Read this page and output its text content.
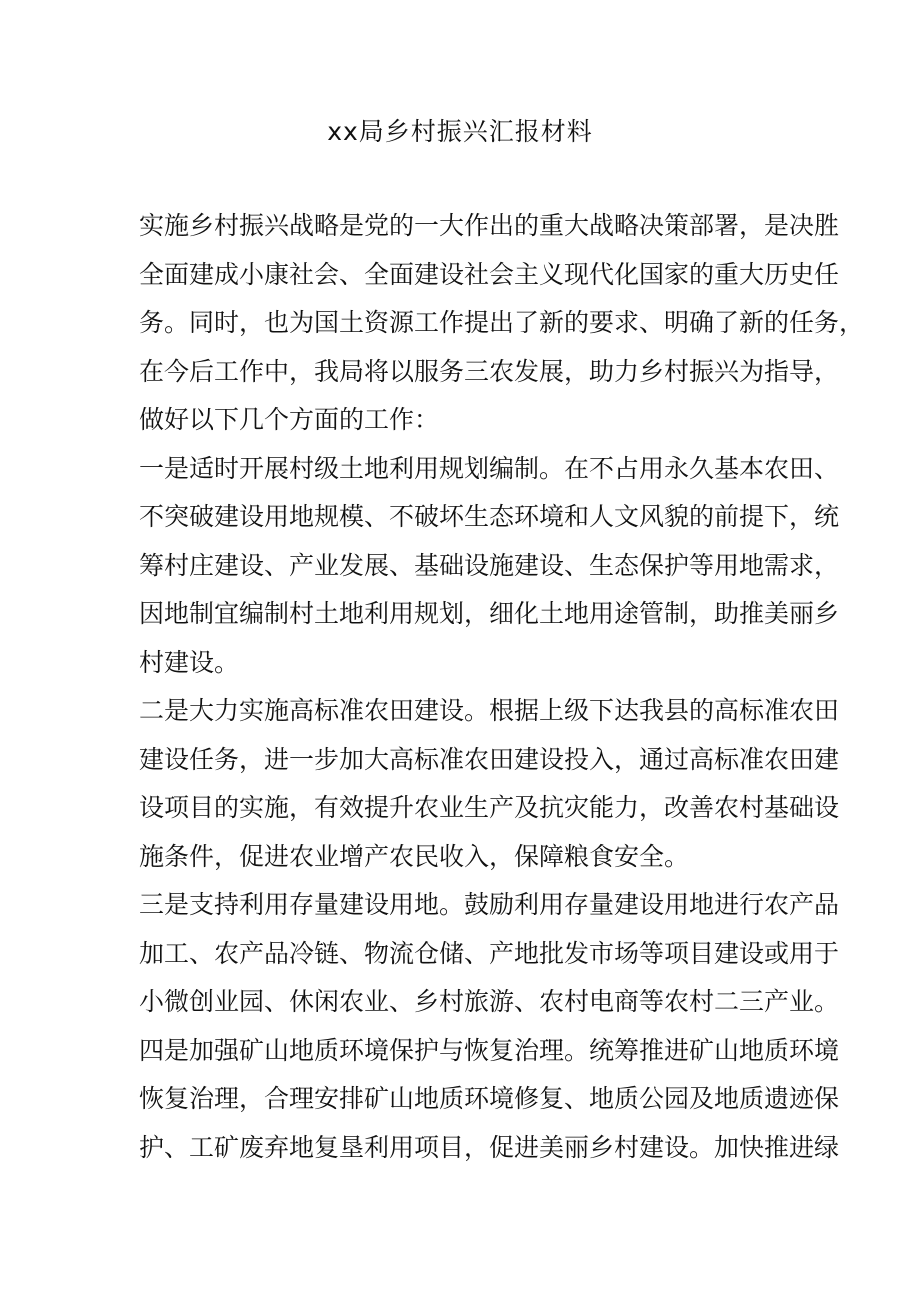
xx局乡村振兴汇报材料

实施乡村振兴战略是党的一大作出的重大战略决策部署，是决胜
全面建成小康社会、全面建设社会主义现代化国家的重大历史任
务。同时，也为国土资源工作提出了新的要求、明确了新的任务，
在今后工作中，我局将以服务三农发展，助力乡村振兴为指导，
做好以下几个方面的工作：

一是适时开展村级土地利用规划编制。在不占用永久基本农田、
不突破建设用地规模、不破坏生态环境和人文风貌的前提下，统
筹村庄建设、产业发展、基础设施建设、生态保护等用地需求，
因地制宜编制村土地利用规划，细化土地用途管制，助推美丽乡
村建设。

二是大力实施高标准农田建设。根据上级下达我县的高标准农田
建设任务，进一步加大高标准农田建设投入，通过高标准农田建
设项目的实施，有效提升农业生产及抗灾能力，改善农村基础设
施条件，促进农业增产农民收入，保障粮食安全。

三是支持利用存量建设用地。鼓励利用存量建设用地进行农产品
加工、农产品冷链、物流仓储、产地批发市场等项目建设或用于
小微创业园、休闲农业、乡村旅游、农村电商等农村二三产业。

四是加强矿山地质环境保护与恢复治理。统筹推进矿山地质环境
恢复治理，合理安排矿山地质环境修复、地质公园及地质遗迹保
护、工矿废弃地复垦利用项目，促进美丽乡村建设。加快推进绿
